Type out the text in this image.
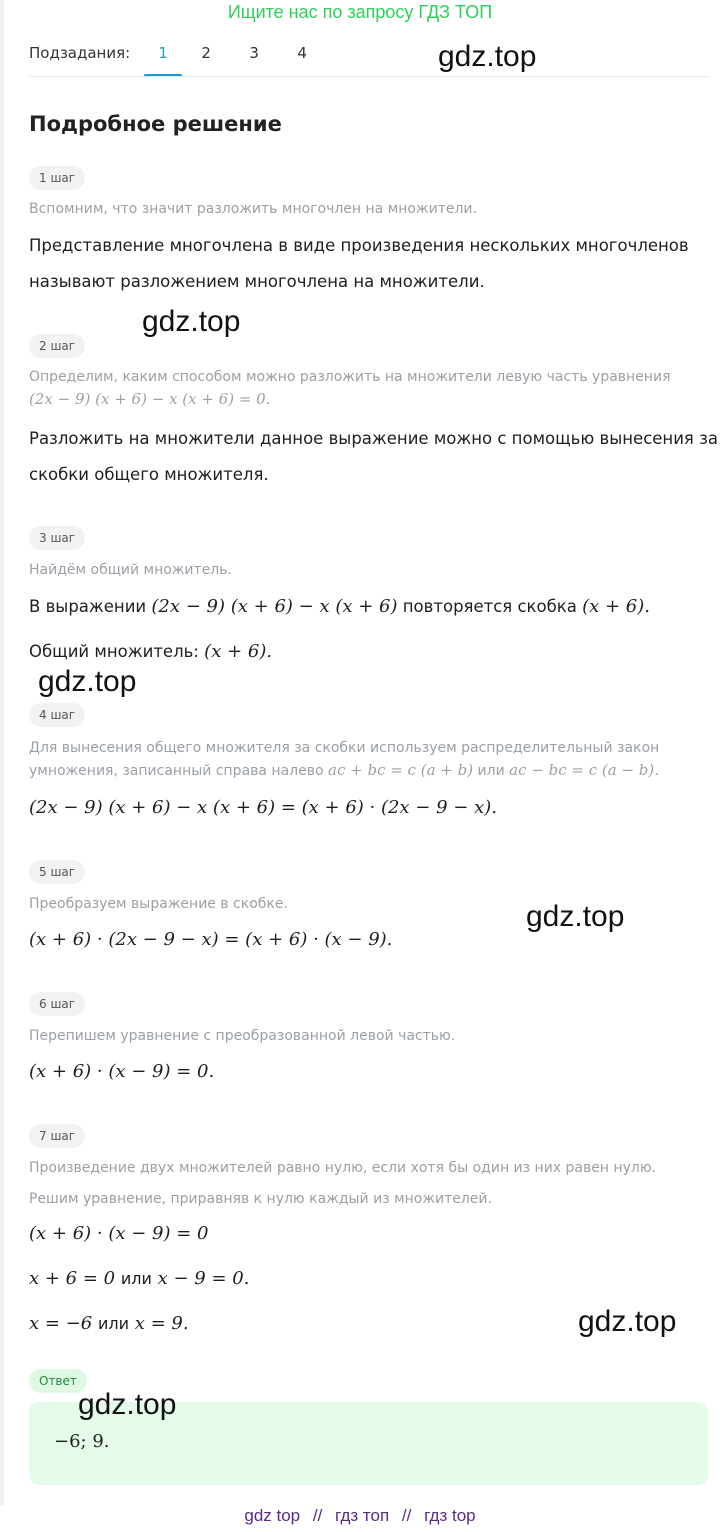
Ищите нас по запросу ГДЗ ТОП
Подзадания:	1	2	3	4
Подробное решение
1 шаг
Вспомним, что значит разложить многочлен на множители.
Представление многочлена в виде произведения нескольких многочленов
называют разложением многочлена на множители.
2 шаг
Определим, каким способом можно разложить на множители левую часть уравнения
(2x − 9) (x + 6) − x (x + 6) = 0.
Разложить на множители данное выражение можно с помощью вынесения за
скобки общего множителя.
3 шаг
Найдём общий множитель.
В выражении (2x − 9) (x + 6) − x (x + 6) повторяется скобка (x + 6).
Общий множитель: (x + 6).
4 шаг
Для вынесения общего множителя за скобки используем распределительный закон
умножения, записанный справа налево ac + bc = c (a + b) или ac − bc = c (a − b).
(2x − 9) (x + 6) − x (x + 6) = (x + 6) · (2x − 9 − x).
5 шаг
Преобразуем выражение в скобке.
(x + 6) · (2x − 9 − x) = (x + 6) · (x − 9).
6 шаг
Перепишем уравнение с преобразованной левой частью.
(x + 6) · (x − 9) = 0.
7 шаг
Произведение двух множителей равно нулю, если хотя бы один из них равен нулю.
Решим уравнение, приравняв к нулю каждый из множителей.
(x + 6) · (x − 9) = 0
x + 6 = 0 или x − 9 = 0.
x = −6 или x = 9.
Ответ
−6; 9.
gdz.top
gdz.top
gdz.top
gdz.top
gdz.top
gdz.top
gdz top // гдз топ // гдз top
